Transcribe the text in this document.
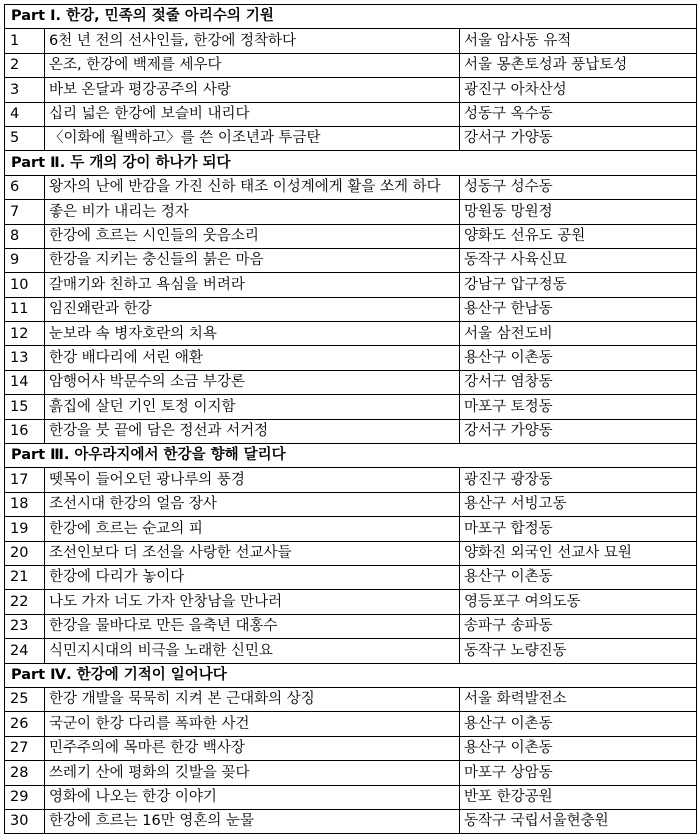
Part Ⅰ. 한강, 민족의 젖줄 아리수의 기원		
1	6천 년 전의 선사인들, 한강에 정착하다	서울 암사동 유적
2	온조, 한강에 백제를 세우다	서울 몽촌토성과 풍납토성
3	바보 온달과 평강공주의 사랑	광진구 아차산성
4	십리 넓은 한강에 보슬비 내리다	성동구 옥수동
5	〈이화에 월백하고〉를 쓴 이조년과 투금탄	강서구 가양동
Part Ⅱ. 두 개의 강이 하나가 되다		
6	왕자의 난에 반감을 가진 신하 태조 이성계에게 활을 쏘게 하다	성동구 성수동
7	좋은 비가 내리는 정자	망원동 망원정
8	한강에 흐르는 시인들의 웃음소리	양화도 선유도 공원
9	한강을 지키는 충신들의 붉은 마음	동작구 사육신묘
10	갈매기와 친하고 욕심을 버려라	강남구 압구정동
11	임진왜란과 한강	용산구 한남동
12	눈보라 속 병자호란의 치욕	서울 삼전도비
13	한강 배다리에 서린 애환	용산구 이촌동
14	암행어사 박문수의 소금 부강론	강서구 염창동
15	흙집에 살던 기인 토정 이지함	마포구 토정동
16	한강을 붓 끝에 담은 정선과 서거정	강서구 가양동
Part Ⅲ. 아우라지에서 한강을 향해 달리다		
17	뗏목이 들어오던 광나루의 풍경	광진구 광장동
18	조선시대 한강의 얼음 장사	용산구 서빙고동
19	한강에 흐르는 순교의 피	마포구 합정동
20	조선인보다 더 조선을 사랑한 선교사들	양화진 외국인 선교사 묘원
21	한강에 다리가 놓이다	용산구 이촌동
22	나도 가자 너도 가자 안창남을 만나러	영등포구 여의도동
23	한강을 물바다로 만든 을축년 대홍수	송파구 송파동
24	식민지시대의 비극을 노래한 신민요	동작구 노량진동
Part Ⅳ. 한강에 기적이 일어나다		
25	한강 개발을 묵묵히 지켜 본 근대화의 상징	서울 화력발전소
26	국군이 한강 다리를 폭파한 사건	용산구 이촌동
27	민주주의에 목마른 한강 백사장	용산구 이촌동
28	쓰레기 산에 평화의 깃발을 꽂다	마포구 상암동
29	영화에 나오는 한강 이야기	반포 한강공원
30	한강에 흐르는 16만 영혼의 눈물	동작구 국립서울현충원
